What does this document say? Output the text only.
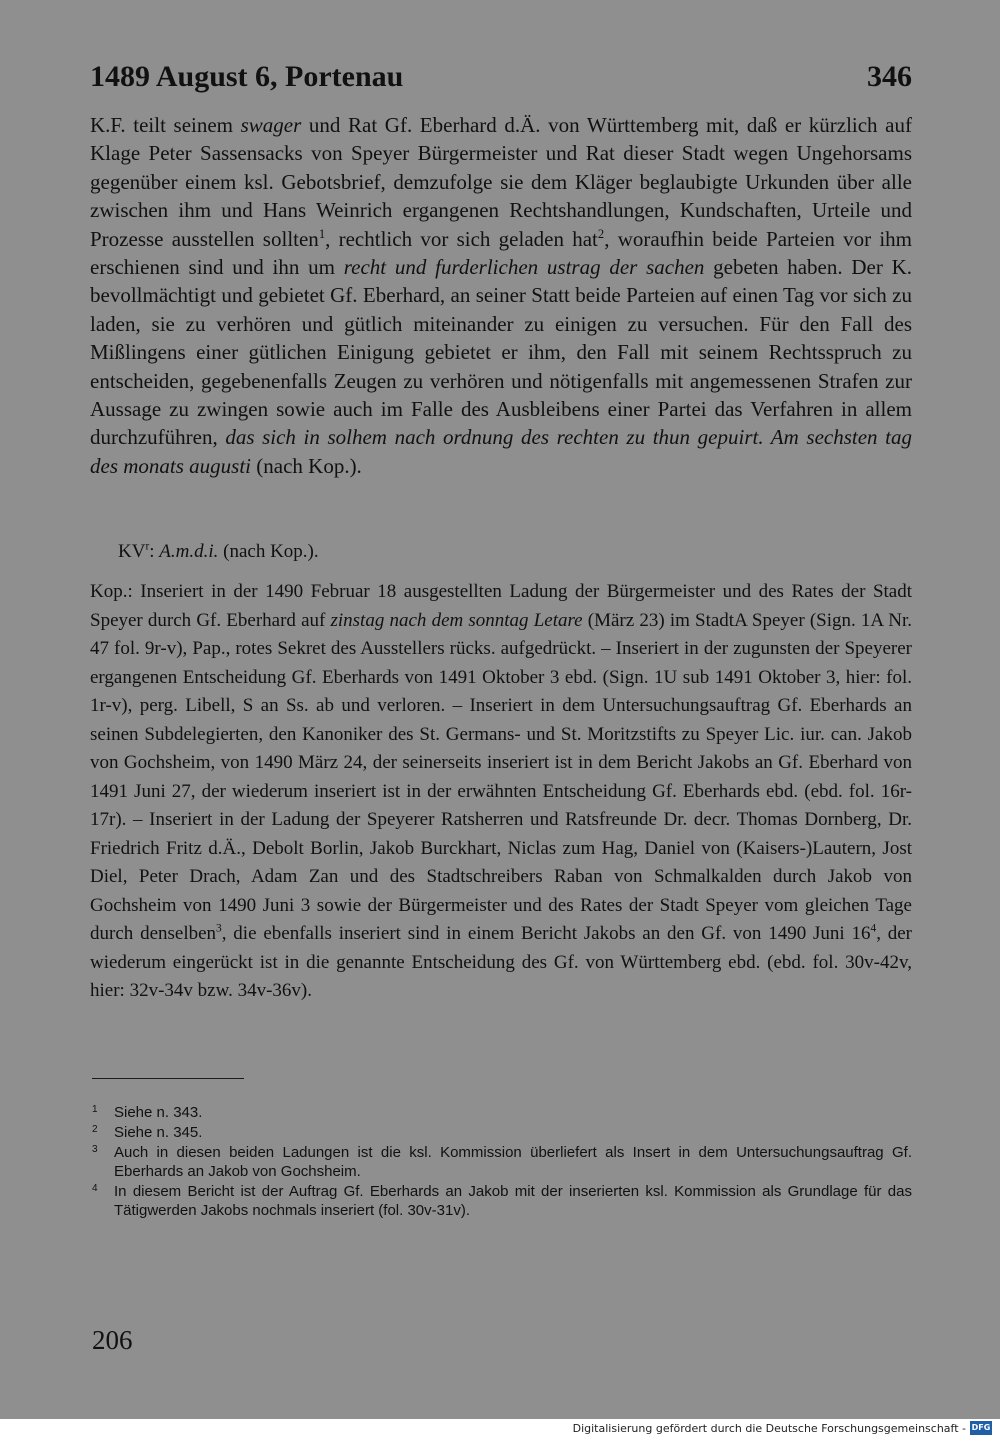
1489 August 6, Portenau	346

K.F. teilt seinem swager und Rat Gf. Eberhard d.Ä. von Württemberg mit, daß er kürzlich auf Klage Peter Sassensacks von Speyer Bürgermeister und Rat dieser Stadt wegen Ungehorsams gegenüber einem ksl. Gebotsbrief, demzufolge sie dem Kläger beglaubigte Urkunden über alle zwischen ihm und Hans Weinrich ergangenen Rechtshandlungen, Kundschaften, Urteile und Prozesse ausstellen sollten$^1$, rechtlich vor sich geladen hat$^2$, woraufhin beide Parteien vor ihm erschienen sind und ihn um recht und furderlichen ustrag der sachen gebeten haben. Der K. bevollmächtigt und gebietet Gf. Eberhard, an seiner Statt beide Parteien auf einen Tag vor sich zu laden, sie zu verhören und gütlich miteinander zu einigen zu versuchen. Für den Fall des Mißlingens einer gütlichen Einigung gebietet er ihm, den Fall mit seinem Rechtsspruch zu entscheiden, gegebenenfalls Zeugen zu verhören und nötigenfalls mit angemessenen Strafen zur Aussage zu zwingen sowie auch im Falle des Ausbleibens einer Partei das Verfahren in allem durchzuführen, das sich in solhem nach ordnung des rechten zu thun gepuirt. Am sechsten tag des monats augusti (nach Kop.).

$KV^r$: A.m.d.i. (nach Kop.).

Kop.: Inseriert in der 1490 Februar 18 ausgestellten Ladung der Bürgermeister und des Rates der Stadt Speyer durch Gf. Eberhard auf zinstag nach dem sonntag Letare (März 23) im StadtA Speyer (Sign. 1A Nr. 47 fol. 9r-v), Pap., rotes Sekret des Ausstellers rücks. aufgedrückt. – Inseriert in der zugunsten der Speyerer ergangenen Entscheidung Gf. Eberhards von 1491 Oktober 3 ebd. (Sign. 1U sub 1491 Oktober 3, hier: fol. 1r-v), perg. Libell, S an Ss. ab und verloren. – Inseriert in dem Untersuchungsauftrag Gf. Eberhards an seinen Subdelegierten, den Kanoniker des St. Germans- und St. Moritzstifts zu Speyer Lic. iur. can. Jakob von Gochsheim, von 1490 März 24, der seinerseits inseriert ist in dem Bericht Jakobs an Gf. Eberhard von 1491 Juni 27, der wiederum inseriert ist in der erwähnten Entscheidung Gf. Eberhards ebd. (ebd. fol. 16r-17r). – Inseriert in der Ladung der Speyerer Ratsherren und Ratsfreunde Dr. decr. Thomas Dornberg, Dr. Friedrich Fritz d.Ä., Debolt Borlin, Jakob Burckhart, Niclas zum Hag, Daniel von (Kaisers-)Lautern, Jost Diel, Peter Drach, Adam Zan und des Stadtschreibers Raban von Schmalkalden durch Jakob von Gochsheim von 1490 Juni 3 sowie der Bürgermeister und des Rates der Stadt Speyer vom gleichen Tage durch denselben$^3$, die ebenfalls inseriert sind in einem Bericht Jakobs an den Gf. von 1490 Juni $16^4$, der wiederum eingerückt ist in die genannte Entscheidung des Gf. von Württemberg ebd. (ebd. fol. 30v-42v, hier: 32v-34v bzw. 34v-36v).

1	Siehe n. 343.
2	Siehe n. 345.
3	Auch in diesen beiden Ladungen ist die ksl. Kommission überliefert als Insert in dem Untersuchungsauftrag Gf. Eberhards an Jakob von Gochsheim.
4	In diesem Bericht ist der Auftrag Gf. Eberhards an Jakob mit der inserierten ksl. Kommission als Grundlage für das Tätigwerden Jakobs nochmals inseriert (fol. 30v-31v).
206
Digitalisierung gefördert durch die Deutsche Forschungsgemeinschaft - DFG
